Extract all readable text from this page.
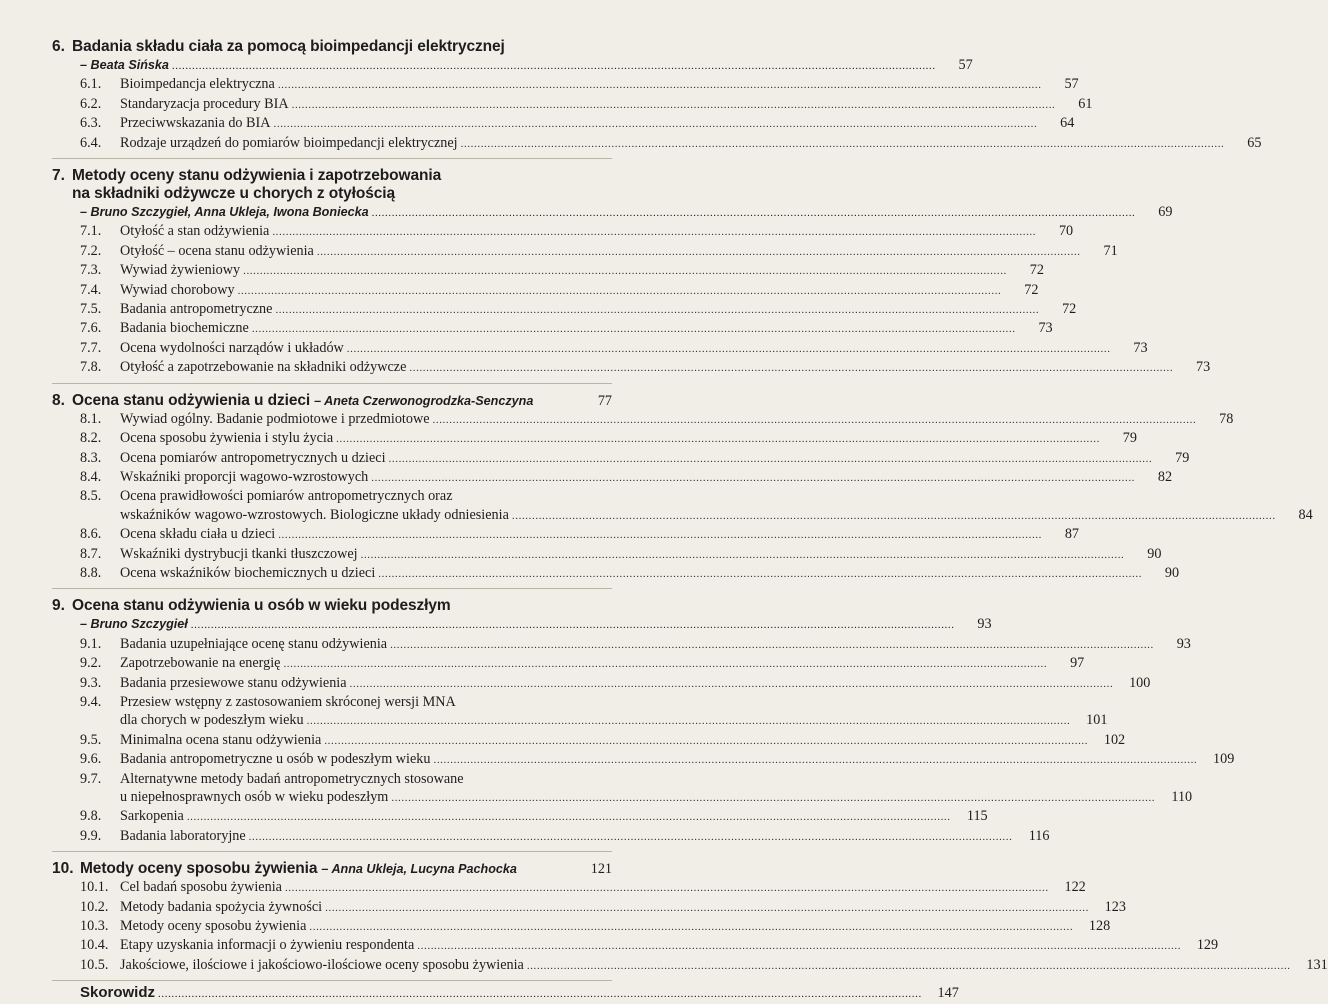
6. Badania składu ciała za pomocą bioimpedancji elektrycznej
–
Beata Sińska .....	57
6.1.	Bioimpedancja elektryczna .....	57
6.2.	Standaryzacja procedury BIA .....	61
6.3.	Przeciwwskazania do BIA .....	64
6.4.	Rodzaje urządzeń do pomiarów bioimpedancji elektrycznej .....	65
7. Metody oceny stanu odżywienia i zapotrzebowania
na składniki odżywcze u chorych z otyłością
–
Bruno Szczygieł, Anna Ukleja, Iwona Boniecka .....	69
7.1.	Otyłość a stan odżywienia .....	70
7.2.	Otyłość – ocena stanu odżywienia .....	71
7.3.	Wywiad żywieniowy .....	72
7.4.	Wywiad chorobowy .....	72
7.5.	Badania antropometryczne .....	72
7.6.	Badania biochemiczne .....	73
7.7.	Ocena wydolności narządów i układów .....	73
7.8.	Otyłość a zapotrzebowanie na składniki odżywcze .....	73
8. Ocena stanu odżywienia u dzieci
– Aneta Czerwonogrodzka-Senczyna	77
8.1.	Wywiad ogólny. Badanie podmiotowe i przedmiotowe .....	78
8.2.	Ocena sposobu żywienia i stylu życia .....	79
8.3.	Ocena pomiarów antropometrycznych u dzieci .....	79
8.4.	Wskaźniki proporcji wagowo-wzrostowych .....	82
8.5.	Ocena prawidłowości pomiarów antropometrycznych oraz
wskaźników wagowo-wzrostowych. Biologiczne układy odniesienia .....	84
8.6.	Ocena składu ciała u dzieci .....	87
8.7.	Wskaźniki dystrybucji tkanki tłuszczowej .....	90
8.8.	Ocena wskaźników biochemicznych u dzieci .....	90
9. Ocena stanu odżywienia u osób w wieku podeszłym
–
Bruno Szczygieł .....	93
9.1.	Badania uzupełniające ocenę stanu odżywienia .....	93
9.2.	Zapotrzebowanie na energię .....	97
9.3.	Badania przesiewowe stanu odżywienia .....	100
9.4.	Przesiew wstępny z zastosowaniem skróconej wersji MNA
dla chorych w podeszłym wieku .....	101
9.5.	Minimalna ocena stanu odżywienia .....	102
9.6.	Badania antropometryczne u osób w podeszłym wieku .....	109
9.7.	Alternatywne metody badań antropometrycznych stosowane
u niepełnosprawnych osób w wieku podeszłym .....	110
9.8.	Sarkopenia .....	115
9.9.	Badania laboratoryjne .....	116
10. Metody oceny sposobu żywienia
– Anna Ukleja, Lucyna Pachocka	121
10.1. Cel badań sposobu żywienia .....	122
10.2. Metody badania spożycia żywności .....	123
10.3. Metody oceny sposobu żywienia .....	128
10.4. Etapy uzyskania informacji o żywieniu respondenta .....	129
10.5. Jakościowe, ilościowe i jakościowo-ilościowe oceny sposobu żywienia .....	131
Skorowidz .....	147
